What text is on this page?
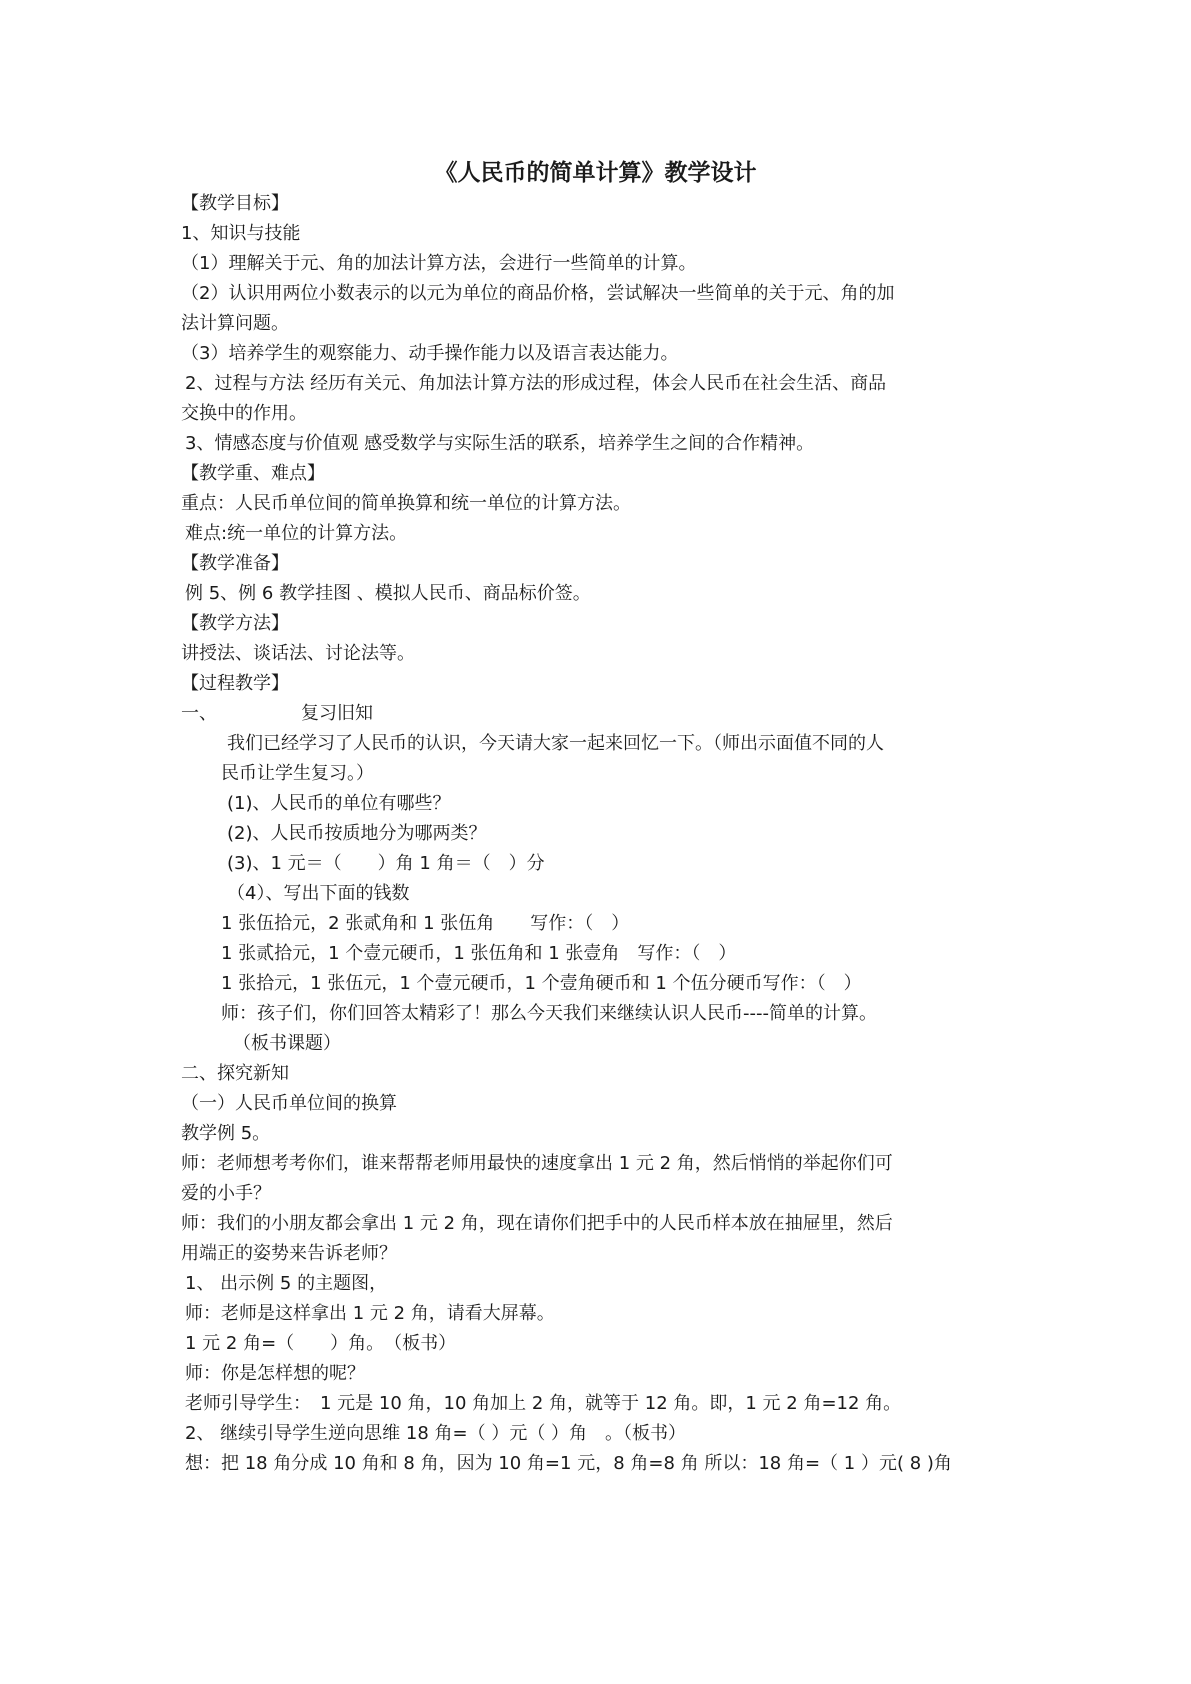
《人民币的简单计算》教学设计
【教学目标】
1、知识与技能
（1）理解关于元、角的加法计算方法，会进行一些简单的计算。
（2）认识用两位小数表示的以元为单位的商品价格，尝试解决一些简单的关于元、角的加
法计算问题。
（3）培养学生的观察能力、动手操作能力以及语言表达能力。
2、过程与方法 经历有关元、角加法计算方法的形成过程，体会人民币在社会生活、商品
交换中的作用。
3、情感态度与价值观 感受数学与实际生活的联系，培养学生之间的合作精神。
【教学重、难点】
重点：人民币单位间的简单换算和统一单位的计算方法。
难点:统一单位的计算方法。
【教学准备】
例 5、例 6 教学挂图 、模拟人民币、商品标价签。
【教学方法】
讲授法、谈话法、讨论法等。
【过程教学】
一、	复习旧知
我们已经学习了人民币的认识，今天请大家一起来回忆一下。（师出示面值不同的人
民币让学生复习。）
(1)、人民币的单位有哪些？
(2)、人民币按质地分为哪两类？
(3)、1 元＝（　　）角 1 角＝（　）分
（4）、写出下面的钱数
1 张伍拾元，2 张贰角和 1 张伍角　　写作：（　）
1 张贰拾元，1 个壹元硬币，1 张伍角和 1 张壹角　写作：（　）
1 张拾元，1 张伍元，1 个壹元硬币，1 个壹角硬币和 1 个伍分硬币写作：（　）
师：孩子们，你们回答太精彩了！那么今天我们来继续认识人民币----简单的计算。
（板书课题）
二、探究新知
（一）人民币单位间的换算
教学例 5。
师：老师想考考你们，谁来帮帮老师用最快的速度拿出 1 元 2 角，然后悄悄的举起你们可
爱的小手？
师：我们的小朋友都会拿出 1 元 2 角，现在请你们把手中的人民币样本放在抽屉里，然后
用端正的姿势来告诉老师？
1、 出示例 5 的主题图，
师：老师是这样拿出 1 元 2 角，请看大屏幕。
1 元 2 角=（　　）角。　（板书）
师：你是怎样想的呢？
老师引导学生：　1 元是 10 角，10 角加上 2 角，就等于 12 角。即，1 元 2 角=12 角。
2、 继续引导学生逆向思维 18 角=（ ）元（ ）角　。（板书）
想：把 18 角分成 10 角和 8 角，因为 10 角=1 元，8 角=8 角 所以：18 角=（ 1 ）元( 8 )角
